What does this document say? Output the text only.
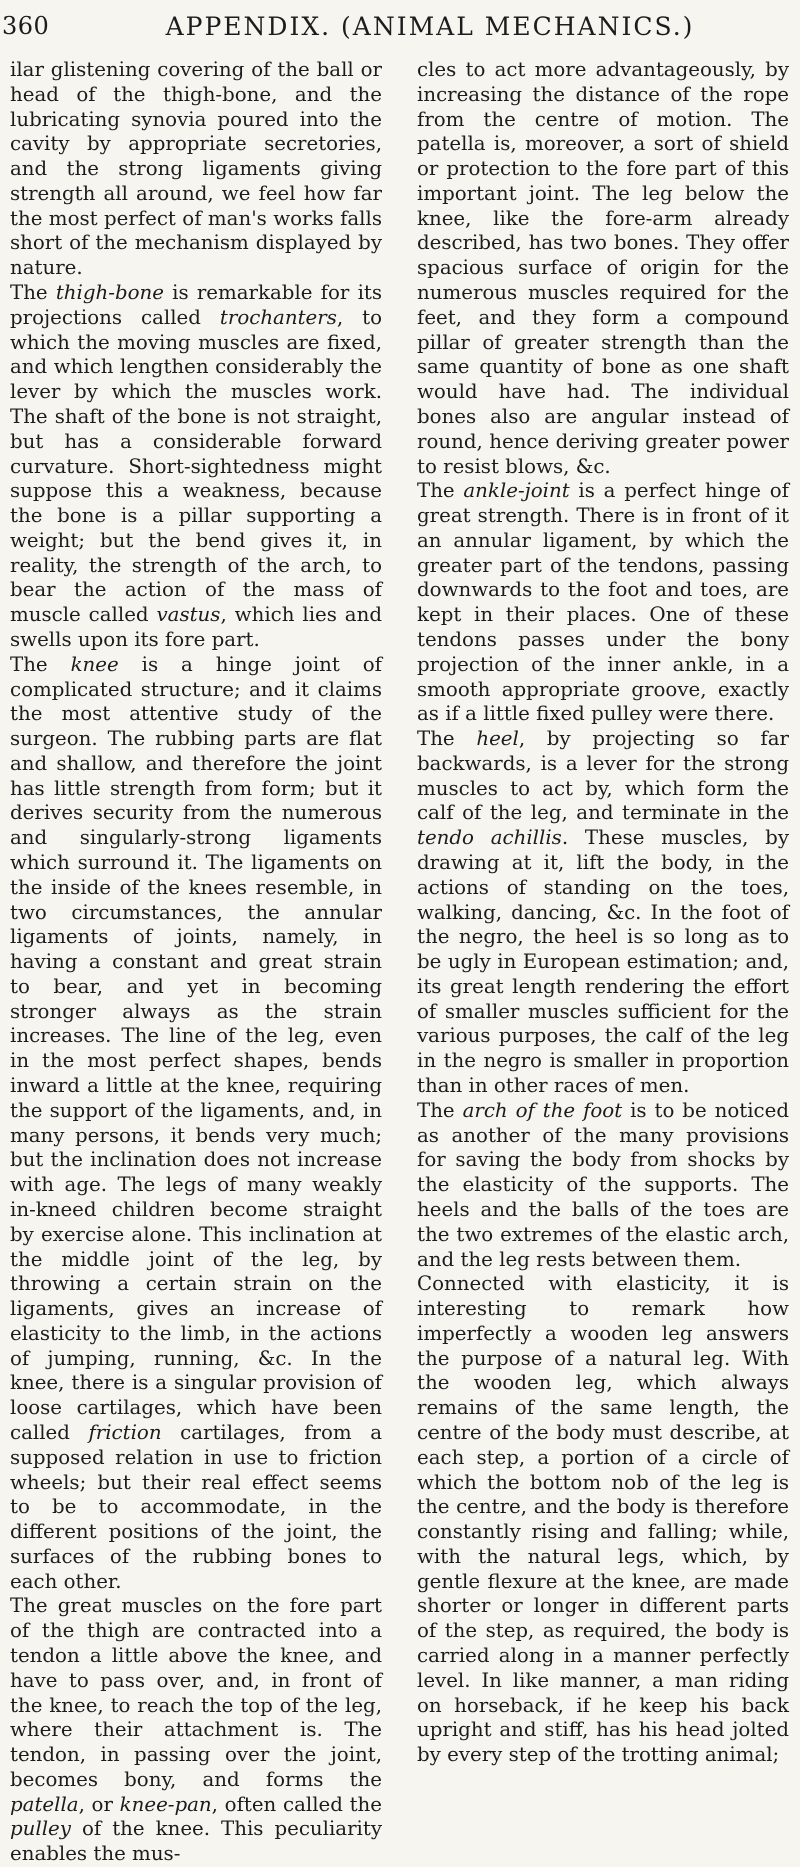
360	APPENDIX. (ANIMAL MECHANICS.)

ilar glistening covering of the ball or head of the thigh-bone, and the lubricating synovia poured into the cavity by appropriate secretories, and the strong ligaments giving strength all around, we feel how far the most perfect of man's works falls short of the mechanism displayed by nature.

The thigh-bone is remarkable for its projections called trochanters, to which the moving muscles are fixed, and which lengthen considerably the lever by which the muscles work. The shaft of the bone is not straight, but has a considerable forward curvature. Short-sightedness might suppose this a weakness, because the bone is a pillar supporting a weight; but the bend gives it, in reality, the strength of the arch, to bear the action of the mass of muscle called vastus, which lies and swells upon its fore part.

The knee is a hinge joint of complicated structure; and it claims the most attentive study of the surgeon. The rubbing parts are flat and shallow, and therefore the joint has little strength from form; but it derives security from the numerous and singularly-strong ligaments which surround it. The ligaments on the inside of the knees resemble, in two circumstances, the annular ligaments of joints, namely, in having a constant and great strain to bear, and yet in becoming stronger always as the strain increases. The line of the leg, even in the most perfect shapes, bends inward a little at the knee, requiring the support of the ligaments, and, in many persons, it bends very much; but the inclination does not increase with age. The legs of many weakly in-kneed children become straight by exercise alone. This inclination at the middle joint of the leg, by throwing a certain strain on the ligaments, gives an increase of elasticity to the limb, in the actions of jumping, running, &c. In the knee, there is a singular provision of loose cartilages, which have been called friction cartilages, from a supposed relation in use to friction wheels; but their real effect seems to be to accommodate, in the different positions of the joint, the surfaces of the rubbing bones to each other.

The great muscles on the fore part of the thigh are contracted into a tendon a little above the knee, and have to pass over, and, in front of the knee, to reach the top of the leg, where their attachment is. The tendon, in passing over the joint, becomes bony, and forms the patella, or knee-pan, often called the pulley of the knee. This peculiarity enables the mus-

cles to act more advantageously, by increasing the distance of the rope from the centre of motion. The patella is, moreover, a sort of shield or protection to the fore part of this important joint. The leg below the knee, like the fore-arm already described, has two bones. They offer spacious surface of origin for the numerous muscles required for the feet, and they form a compound pillar of greater strength than the same quantity of bone as one shaft would have had. The individual bones also are angular instead of round, hence deriving greater power to resist blows, &c.

The ankle-joint is a perfect hinge of great strength. There is in front of it an annular ligament, by which the greater part of the tendons, passing downwards to the foot and toes, are kept in their places. One of these tendons passes under the bony projection of the inner ankle, in a smooth appropriate groove, exactly as if a little fixed pulley were there.

The heel, by projecting so far backwards, is a lever for the strong muscles to act by, which form the calf of the leg, and terminate in the tendo achillis. These muscles, by drawing at it, lift the body, in the actions of standing on the toes, walking, dancing, &c. In the foot of the negro, the heel is so long as to be ugly in European estimation; and, its great length rendering the effort of smaller muscles sufficient for the various purposes, the calf of the leg in the negro is smaller in proportion than in other races of men.

The arch of the foot is to be noticed as another of the many provisions for saving the body from shocks by the elasticity of the supports. The heels and the balls of the toes are the two extremes of the elastic arch, and the leg rests between them.

Connected with elasticity, it is interesting to remark how imperfectly a wooden leg answers the purpose of a natural leg. With the wooden leg, which always remains of the same length, the centre of the body must describe, at each step, a portion of a circle of which the bottom nob of the leg is the centre, and the body is therefore constantly rising and falling; while, with the natural legs, which, by gentle flexure at the knee, are made shorter or longer in different parts of the step, as required, the body is carried along in a manner perfectly level. In like manner, a man riding on horseback, if he keep his back upright and stiff, has his head jolted by every step of the trotting animal;
